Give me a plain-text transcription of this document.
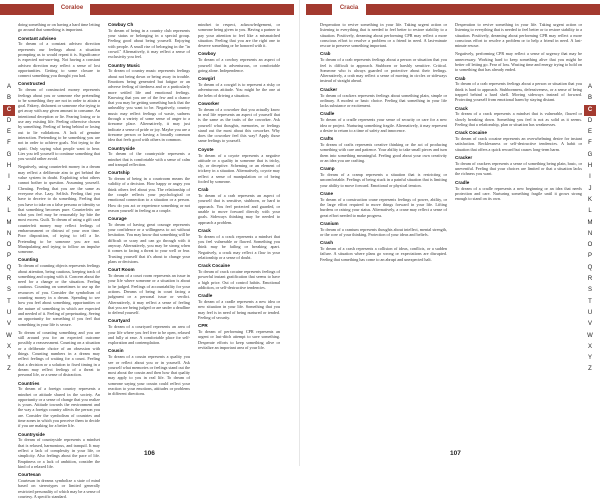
Coraloe
A
B
C
D
E
F
G
H
I
J
K
L
M
N
O
P
Q
R
S
T
U
V
W
X
Y
Z
doing something or on having a hard time letting go around that something is important.
Constant adviseo
To dream of a constant adviseo direction represents our feelings about a situation prompting us to would repeat it is. Significance is expected not-sure-ing. Not having a constant adviseo direction may reflect a sense of lost opportunities. Getting to some closure to connect something you thought you had.
Constructed
To dream of constructed money represents feelings about you or someone else pretending to be something they are not in order to attain a goal. Fakery, dishonest or someone else trying to get away with any given amount to consume. An intentional deception or lie. Fearing losing or to use any existing life. Feeling otherwise chosen by something. Feeling of being behind or losing out to lie validations. A lack of genuine interaction. Pretending to be something you are not in order to achieve goals. Not trying to the spirit. Only saying what people want to hear. Lies you tell yourself to continue something that you would rather avoid.
Negatively, using counterfeit money in a dream may reflect a deliberate aim to get behind the value system in doubt. Exploiting what others cannot bother to question. Assuming yourself. Cheating. Feeling that you are the same as everyone else. Lazy. Selfish. Feeling that you have to deceive to do something. Feeling that you have to take on a false persona or identity so that something becomes pure. Counterfeits are what you feel may be reasonably lay bite the most excess. Guilt. To dream of using a gift card counterfeit money may reflect feelings of embarrassment or distrust of your own time. Poor disposition, of trying to tell a lie. Pretending to be someone you are not. Manipulating and trying to follow an impulse someone.
Counting
To dream of counting objects represents feelings about attention, being cautious, keeping track of something and coping with it. Concern about the need for a change or the situation. Feeling cautious. Counting on sometimes to use up the resources of you. Consider the symbolism of counting money in a dream. Spending to see how you feel about something, opportunities or the nature of something in which are expected and needed of it. Feeling of perpetuating. Seeing an opportunity for something if you feel that something in your life is secure.
To dream of counting something and you are still around you for an expected outcome possibly a reassessment. Counting on a situation or a deliberate choice of an obsession with things. Counting numbers in a dream may reflect feelings of waiting for a count. Feeling that a decision or a solution to fixed timing in a dream may reflect feelings of a threat to personal life, or a sense of distraction.
Countries
To dream of a foreign country represents a mindset or attitude shared in the society. An opportunity or a sense of change that you realize is yours. Attitude towards the environment and the way a foreign country affects the person you are. Consider the symbolism of countries and time zones in which you perceive them to decide if you are making for a better life.
Countryside
To dream of countryside represents a mindset that is relaxed, harmonious, and tranquil. It may reflect a lack of complexity in your life, or simplicity. Also feelings about the pace of life. Emptiness or a lack of ambition, consider the kind of a relaxed life.
Courtesan
Courtesan in dreams symbolize a state of mind based on stereotypes or limited generally restricted personality of which may be a sense of courtesy. A specific standard.
Cowbuy Ch
To dream of being in a country club represents your status or belonging in a special group. Feeling good about being yourself. Enjoying with people. A small rise of belonging in the "in crowd." Alternatively, it may reflect a sense of exclusivity you feel.
Country Music
To dream of country music represents feelings about not being down or being away in trouble. Emotions being generated but fatigue or an adverse feeling of tiredness and or a particularly more settled life and emotional feelings. Knowing that you are of the few and a chance that you may be getting something back that the unhealthy you want to be. Negatively, country music may reflect feelings of waste, sadness through a variety of some sense of anger to a tiresome place. Alternatively, it may just indicate a sense of pride or joy. Maybe you are a tiresome person or having a broadly common idea that feels good with others in common.
Countryside
To dream of the countryside represents a mindset that is comfortable with a sense of calm and tranquil reflection.
Courtship
To dream of being in a courtroom means the validity of a decision. How happy or angry you think others feel about you. The relationship of the couple reflects your psychological or emotional connection to a situation or a person. How do you act or experience something or not reason yourself in feeling as a couple.
Courage
To dream of having great courage represents your confidence or a willingness to act without hesitation. You may know that something will be difficult or scary and can go through with it anyway. Alternatively, you may be strong when it comes to facing a threat to your well or fear. Trusting yourself that it's about to change your plans or decisions.
Court Room
To dream of a court room represents an issue in your life where someone or a situation is about to be judged. Feelings of accountability for your actions. Dreams of being in court facing a judgment or a personal issue or verdict. Alternatively, it may reflect a sense of feeling that you are being judged or are under a deadline to defend yourself.
Courtyard
To dream of a courtyard represents an area of your life where you feel free to be open, relaxed and fully at ease. A comfortable place for self-exploration and contemplation.
Cousin
To dream of a cousin represents a quality you see or reflect about you or in yourself. Ask yourself what memories or feelings stand out the most about the cousin and then how that quality may apply to you in real life. To dream of someone saying your cousin could reflect your reaction to your emotions, attitudes or problems in different directions.
mindset to respect, acknowledgement, or someone being given to you. Having a partner to pay your attention to feel like a mismatched situation. Feeling that you are the right one to deserve something or be honored with it.
Cowboy
To dream of a cowboy represents an aspect of yourself that is adventurous, or comfortable going alone. Independence.
Cowgirl
To dream of a cowgirl is to represent a risky or adventurous attitude. You might be the one at the helm of driving a situation.
Coworker
To dream of a coworker that you actually know in real life represents an aspect of yourself that is the same as the traits of the coworker. Ask yourself what thoughts, memories, or feelings stand out the most about this coworker. Why does the coworker feel this way? Apply those same feelings to yourself.
Coyote
To dream of a coyote represents a negative attitude or a quality in someone that is tricky, sly, or deceptive. Scheming or an element of trickery in a situation. Alternatively, coyote may reflect a sense of manipulation or of being fooled by someone.
Crab
To dream of a crab represents an aspect of yourself that is sensitive, stubborn, or hard to approach. You feel protected and guarded, or unable to move forward directly with your goals. Sideways thinking may be needed to approach a problem.
Crack
To dream of a crack represents a mindset that you feel vulnerable or flawed. Something you think may be failing or breaking apart. Negatively, a crack may reflect a flaw in your relationship or a sense of doubt.
Crack Cocaine
To dream of crack cocaine represents feelings of powerful instant gratification that seems to have a high price. Out of control habits. Emotional addiction, or self-destructive tendencies.
Cradle
To dream of a cradle represents a new idea or new situation in your life. Something that you may feel is in need of being nurtured or tended. Feeling of security.
CPR
To dream of performing CPR represents an urgent or last-ditch attempt to save something. Desperate efforts to keep something alive or revitalize an important area of your life.
106
Cracia
A
B
C
D
E
F
G
H
I
J
K
L
M
N
O
P
Q
R
S
T
U
V
W
X
Y
Z
Desperation to revive something in your life. Taking urgent action or listening to everything that is needed to feel better to restore stability to a situation. Positively, dreaming about performing CPR may reflect a more conscious effort to resolve a problem or a friend in need. A last-minute rescue to preserve something important.
Crab
To dream of a crab represents feelings about a person or situation that you feel is difficult to approach. Stubborn or harshly sensitive. Critical. Someone who is always guarded or protective about their feelings. Alternatively, a crab may reflect a sense of moving in circles or sideways instead of straight ahead.
Cracker
To dream of crackers represents feelings about something plain, simple or ordinary. A modest or basic choice. Feeling that something in your life lacks substance or excitement.
Cradle
To dream of a cradle represents your sense of security or care for a new idea or project. Nurturing something fragile. Alternatively, it may represent a desire to return to a time of safety and innocence.
Crafts
To dream of crafts represents creative thinking or the act of producing something with care and patience. Your ability to take small pieces and turn them into something meaningful. Feeling good about your own creativity or an idea you are crafting.
Cramp
To dream of a cramp represents a situation that is restricting or uncomfortable. Feelings of being stuck in a painful situation that is limiting your ability to move forward. Emotional or physical tension.
Crane
To dream of a construction crane represents feelings of power, ability, or the large effort required to move things forward in your life. Lifting burdens or raising your status. Alternatively, a crane may reflect a sense of great effort needed to make progress.
Cranium
To dream of a cranium represents thoughts about intellect, mental strength, or the core of your thinking. Protection of your ideas and beliefs.
Crash
To dream of a crash represents a collision of ideas, conflicts, or a sudden failure. A situation where plans go wrong or expectations are disrupted. Feeling that something has come to an abrupt and unexpected halt.
Desperation to revive something in your life. Taking urgent action or listening to everything that is needed to feel better or to restore stability to a situation. Positively, dreaming about performing CPR may reflect a more conscious effort to resolve a problem or to help a friend in need. A last-minute rescue.
Negatively, performing CPR may reflect a sense of urgency that may be unnecessary. Working hard to keep something alive that you might be better off letting go. Fear of loss. Wasting time and energy trying to hold on to something that has already ended.
Crab
To dream of a crab represents feelings about a person or situation that you think is hard to approach. Stubbornness, defensiveness, or a sense of being trapped behind a hard shell. Moving sideways instead of forward. Protecting yourself from emotional harm by staying distant.
Crack
To dream of a crack represents a mindset that is vulnerable, flawed or slowly breaking down. Something you feel is not as solid as it seems. Feeling that a relationship, plan or situation has weaknesses.
Crack Cocaine
To dream of crack cocaine represents an overwhelming desire for instant satisfaction. Recklessness or self-destructive tendencies. A habit or situation that offers a quick reward but causes long-term harm.
Cracker
To dream of crackers represents a sense of something being plain, basic, or uneventful. Feeling that your choices are limited or that a situation lacks the richness you want.
Cradle
To dream of a cradle represents a new beginning or an idea that needs protection and care. Nurturing something fragile until it grows strong enough to stand on its own.
107
